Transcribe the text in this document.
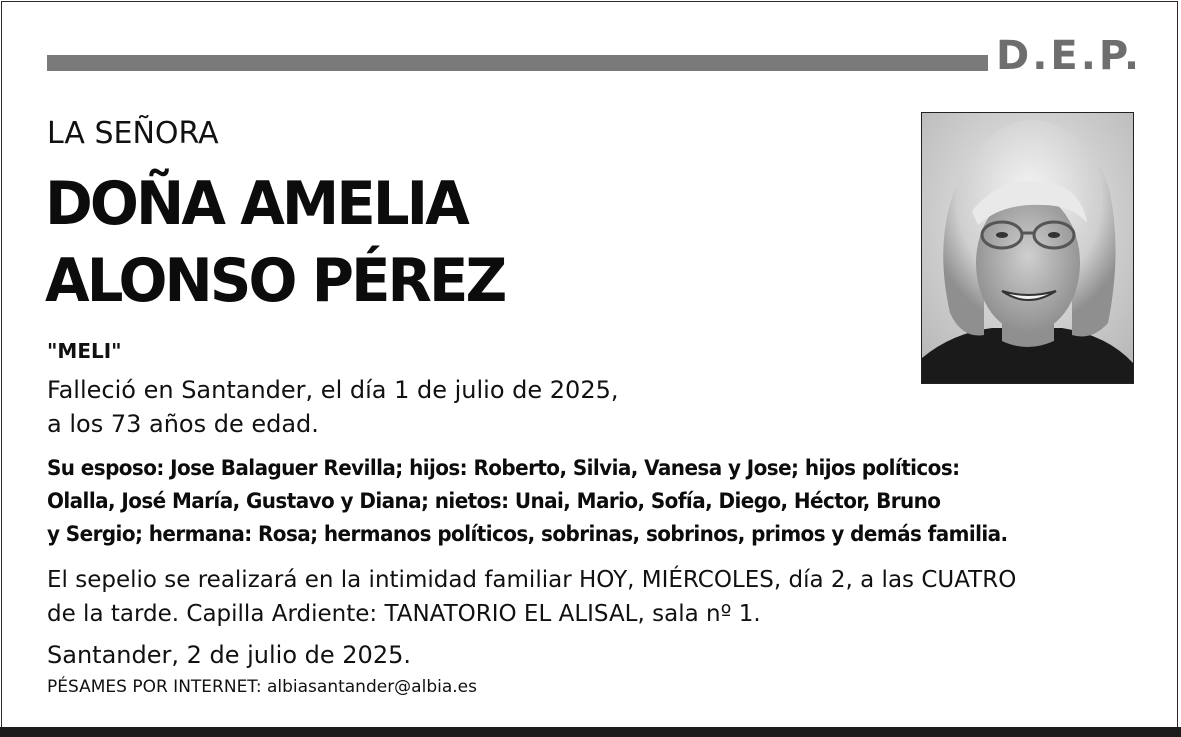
D.E.P.
LA SEÑORA
DOÑA AMELIA
ALONSO PÉREZ
"MELI"
Falleció en Santander, el día 1 de julio de 2025,
a los 73 años de edad.
Su esposo: Jose Balaguer Revilla; hijos: Roberto, Silvia, Vanesa y Jose; hijos políticos:
Olalla, José María, Gustavo y Diana; nietos: Unai, Mario, Sofía, Diego, Héctor, Bruno
y Sergio; hermana: Rosa; hermanos políticos, sobrinas, sobrinos, primos y demás familia.
El sepelio se realizará en la intimidad familiar HOY, MIÉRCOLES, día 2, a las CUATRO
de la tarde. Capilla Ardiente: TANATORIO EL ALISAL, sala nº 1.
Santander, 2 de julio de 2025.
PÉSAMES POR INTERNET: albiasantander@albia.es
